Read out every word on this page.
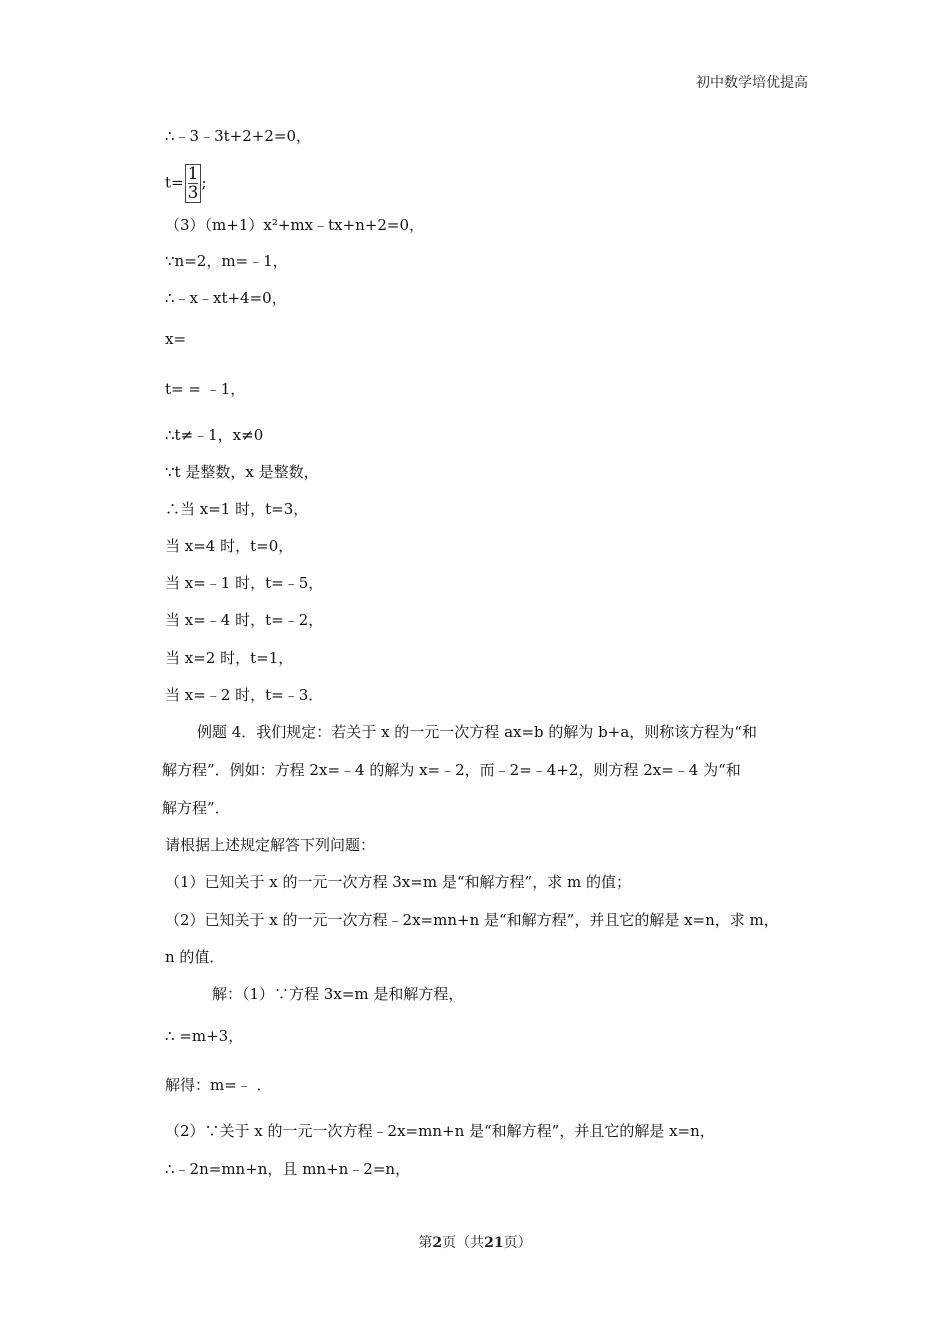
初中数学培优提高
∴﹣3﹣3t+2+2=0，
$t= \frac{1}{3}$ ;
（3）（m+1）x²+mx﹣tx+n+2=0，
∵n=2，m=﹣1，
∴﹣x﹣xt+4=0，
x=
t= = ﹣1，
∴t≠﹣1，x≠0
∵t 是整数，x 是整数，
∴当 x=1 时，t=3，
当 x=4 时，t=0，
当 x=﹣1 时，t=﹣5，
当 x=﹣4 时，t=﹣2，
当 x=2 时，t=1，
当 x=﹣2 时，t=﹣3．
例题 4．我们规定：若关于 x 的一元一次方程 ax=b 的解为 b+a，则称该方程为“和
解方程”．例如：方程 2x=﹣4 的解为 x=﹣2，而﹣2=﹣4+2，则方程 2x=﹣4 为“和
解方程”．
请根据上述规定解答下列问题：
（1）已知关于 x 的一元一次方程 3x=m 是“和解方程”，求 m 的值；
（2）已知关于 x 的一元一次方程﹣2x=mn+n 是“和解方程”，并且它的解是 x=n，求 m，
n 的值．
解：（1）∵方程 3x=m 是和解方程，
∴ =m+3，
解得：m=﹣ ．
（2）∵关于 x 的一元一次方程﹣2x=mn+n 是“和解方程”，并且它的解是 x=n，
∴﹣2n=mn+n，且 mn+n﹣2=n，
第2页（共21页）
